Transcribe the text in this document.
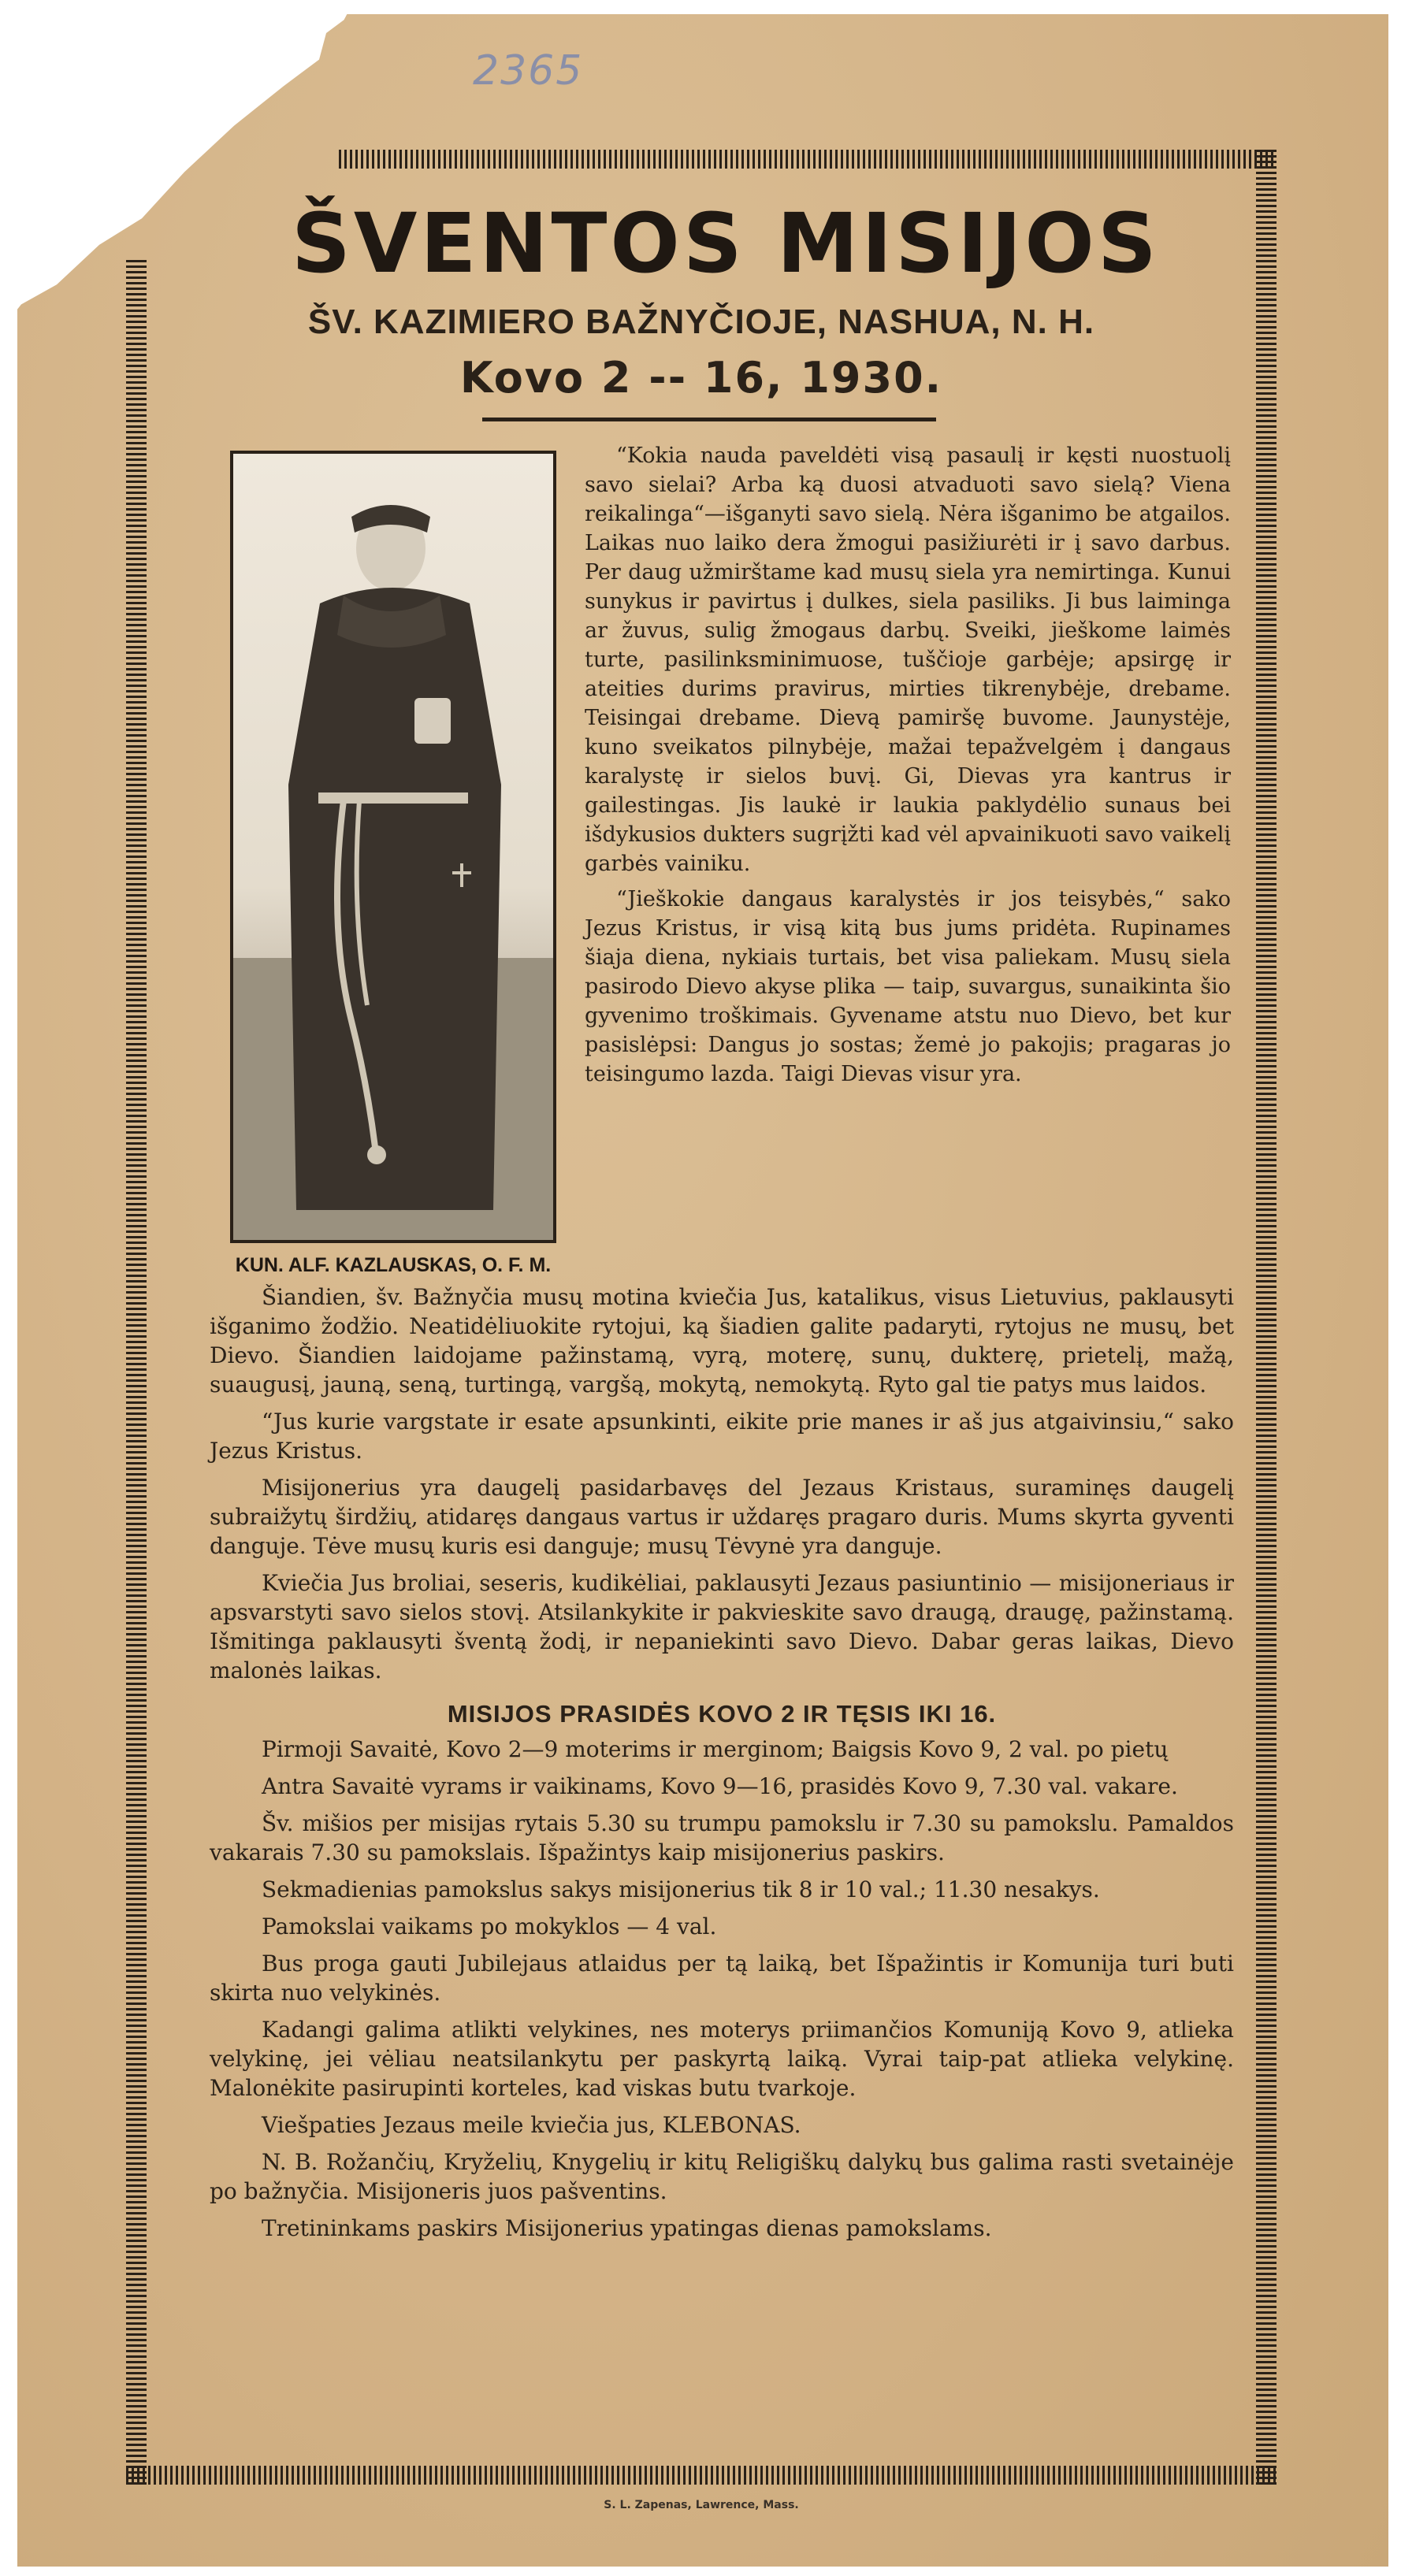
2365
ŠVENTOS MISIJOS
ŠV. KAZIMIERO BAŽNYČIOJE, NASHUA, N. H.
Kovo 2 -- 16, 1930.
KUN. ALF. KAZLAUSKAS, O. F. M.

“Kokia nauda paveldėti visą pasaulį ir kęsti nuostuolį savo sielai? Arba ką duosi atvaduoti savo sielą? Viena reikalinga“—išganyti savo sielą. Nėra išganimo be atgailos. Laikas nuo laiko dera žmogui pasižiurėti ir į savo darbus. Per daug užmirštame kad musų siela yra nemirtinga. Kunui sunykus ir pavirtus į dulkes, siela pasiliks. Ji bus laiminga ar žuvus, sulig žmogaus darbų. Sveiki, jieškome laimės turte, pasilinksminimuose, tuščioje garbėje; apsirgę ir ateities durims pravirus, mirties tikrenybėje, drebame. Teisingai drebame. Dievą pamiršę buvome. Jaunystėje, kuno sveikatos pilnybėje, mažai tepažvelgėm į dangaus karalystę ir sielos buvį. Gi, Dievas yra kantrus ir gailestingas. Jis laukė ir laukia paklydėlio sunaus bei išdykusios dukters sugrįžti kad vėl apvainikuoti savo vaikelį garbės vainiku.

“Jieškokie dangaus karalystės ir jos teisybės,“ sako Jezus Kristus, ir visą kitą bus jums pridėta. Rupinames šiaja diena, nykiais turtais, bet visa paliekam. Musų siela pasirodo Dievo akyse plika — taip, suvargus, sunaikinta šio gyvenimo troškimais. Gyvename atstu nuo Dievo, bet kur pasislėpsi: Dangus jo sostas; žemė jo pakojis; pragaras jo teisingumo lazda. Taigi Dievas visur yra.

Šiandien, šv. Bažnyčia musų motina kviečia Jus, katalikus, visus Lietuvius, paklausyti išganimo žodžio. Neatidėliuokite rytojui, ką šiadien galite padaryti, rytojus ne musų, bet Dievo. Šiandien laidojame pažinstamą, vyrą, moterę, sunų, dukterę, prietelį, mažą, suaugusį, jauną, seną, turtingą, vargšą, mokytą, nemokytą. Ryto gal tie patys mus laidos.

“Jus kurie vargstate ir esate apsunkinti, eikite prie manes ir aš jus atgaivinsiu,“ sako Jezus Kristus.

Misijonerius yra daugelį pasidarbavęs del Jezaus Kristaus, suraminęs daugelį subraižytų širdžių, atidaręs dangaus vartus ir uždaręs pragaro duris. Mums skyrta gyventi danguje. Tėve musų kuris esi danguje; musų Tėvynė yra danguje.

Kviečia Jus broliai, seseris, kudikėliai, paklausyti Jezaus pasiuntinio — misijoneriaus ir apsvarstyti savo sielos stovį. Atsilankykite ir pakvieskite savo draugą, draugę, pažinstamą. Išmitinga paklausyti šventą žodį, ir nepaniekinti savo Dievo. Dabar geras laikas, Dievo malonės laikas.

MISIJOS PRASIDĖS KOVO 2 IR TĘSIS IKI 16.

Pirmoji Savaitė, Kovo 2—9 moterims ir merginom; Baigsis Kovo 9, 2 val. po pietų

Antra Savaitė vyrams ir vaikinams, Kovo 9—16, prasidės Kovo 9, 7.30 val. vakare.

Šv. mišios per misijas rytais 5.30 su trumpu pamokslu ir 7.30 su pamokslu. Pamaldos vakarais 7.30 su pamokslais. Išpažintys kaip misijonerius paskirs.

Sekmadienias pamokslus sakys misijonerius tik 8 ir 10 val.; 11.30 nesakys.

Pamokslai vaikams po mokyklos — 4 val.

Bus proga gauti Jubilejaus atlaidus per tą laiką, bet Išpažintis ir Komunija turi buti skirta nuo velykinės.

Kadangi galima atlikti velykines, nes moterys priimančios Komuniją Kovo 9, atlieka velykinę, jei vėliau neatsilankytu per paskyrtą laiką. Vyrai taip-pat atlieka velykinę. Malonėkite pasirupinti korteles, kad viskas butu tvarkoje.

Viešpaties Jezaus meile kviečia jus, KLEBONAS.

N. B. Rožančių, Kryželių, Knygelių ir kitų Religiškų dalykų bus galima rasti svetainėje po bažnyčia. Misijoneris juos pašventins.

Tretininkams paskirs Misijonerius ypatingas dienas pamokslams.

S. L. Zapenas, Lawrence, Mass.
